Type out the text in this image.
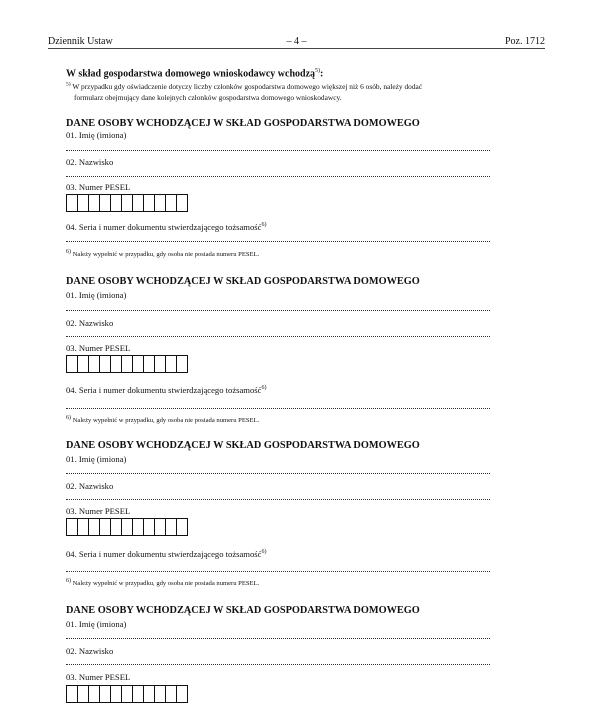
Dziennik Ustaw	– 4 –	Poz. 1712
W skład gospodarstwa domowego wnioskodawcy wchodzą$^{5)}$:
$^{5)}$ W przypadku gdy oświadczenie dotyczy liczby członków gospodarstwa domowego większej niż 6 osób, należy dodać
formularz obejmujący dane kolejnych członków gospodarstwa domowego wnioskodawcy.
DANE OSOBY WCHODZĄCEJ W SKŁAD GOSPODARSTWA DOMOWEGO
01. Imię (imiona)
02. Nazwisko
03. Numer PESEL
04. Seria i numer dokumentu stwierdzającego tożsamość$^{6)}$
$^{6)}$ Należy wypełnić w przypadku, gdy osoba nie posiada numeru PESEL.
DANE OSOBY WCHODZĄCEJ W SKŁAD GOSPODARSTWA DOMOWEGO
01. Imię (imiona)
02. Nazwisko
03. Numer PESEL
04. Seria i numer dokumentu stwierdzającego tożsamość$^{6)}$
$^{6)}$ Należy wypełnić w przypadku, gdy osoba nie posiada numeru PESEL.
DANE OSOBY WCHODZĄCEJ W SKŁAD GOSPODARSTWA DOMOWEGO
01. Imię (imiona)
02. Nazwisko
03. Numer PESEL
04. Seria i numer dokumentu stwierdzającego tożsamość$^{6)}$
$^{6)}$ Należy wypełnić w przypadku, gdy osoba nie posiada numeru PESEL.
DANE OSOBY WCHODZĄCEJ W SKŁAD GOSPODARSTWA DOMOWEGO
01. Imię (imiona)
02. Nazwisko
03. Numer PESEL
